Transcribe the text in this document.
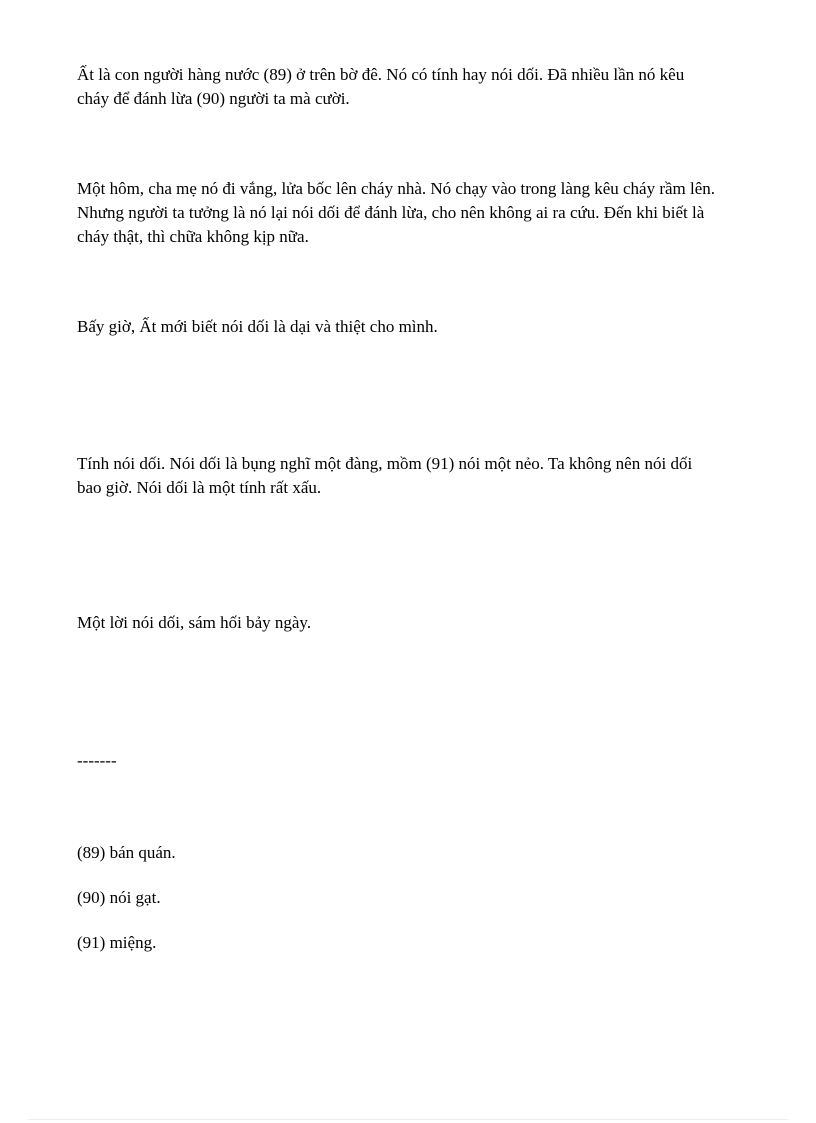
Ất là con người hàng nước (89) ở trên bờ đê. Nó có tính hay nói dối. Đã nhiều lần nó kêu
cháy để đánh lừa (90) người ta mà cười.

Một hôm, cha mẹ nó đi vắng, lửa bốc lên cháy nhà. Nó chạy vào trong làng kêu cháy rầm lên.
Nhưng người ta tưởng là nó lại nói dối để đánh lừa, cho nên không ai ra cứu. Đến khi biết là
cháy thật, thì chữa không kịp nữa.

Bấy giờ, Ất mới biết nói dối là dại và thiệt cho mình.

Tính nói dối. Nói dối là bụng nghĩ một đàng, mồm (91) nói một nẻo. Ta không nên nói dối
bao giờ. Nói dối là một tính rất xấu.

Một lời nói dối, sám hối bảy ngày.

-------

(89) bán quán.

(90) nói gạt.

(91) miệng.
